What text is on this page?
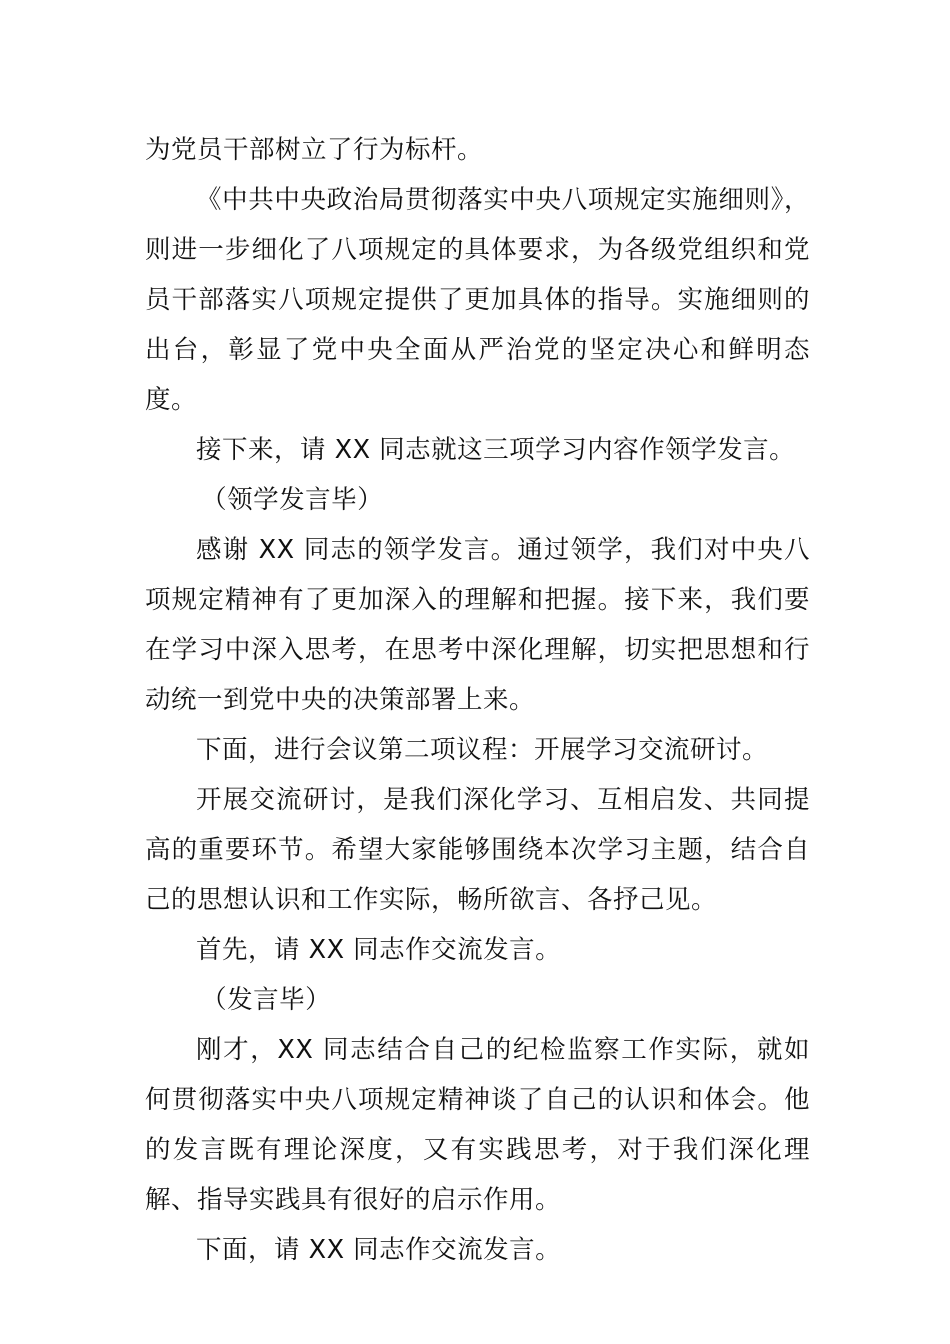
为党员干部树立了行为标杆。

《中共中央政治局贯彻落实中央八项规定实施细则》，则进一步细化了八项规定的具体要求，为各级党组织和党员干部落实八项规定提供了更加具体的指导。实施细则的出台，彰显了党中央全面从严治党的坚定决心和鲜明态度。

接下来，请 XX 同志就这三项学习内容作领学发言。

（领学发言毕）

感谢 XX 同志的领学发言。通过领学，我们对中央八项规定精神有了更加深入的理解和把握。接下来，我们要在学习中深入思考，在思考中深化理解，切实把思想和行动统一到党中央的决策部署上来。

下面，进行会议第二项议程：开展学习交流研讨。

开展交流研讨，是我们深化学习、互相启发、共同提高的重要环节。希望大家能够围绕本次学习主题，结合自己的思想认识和工作实际，畅所欲言、各抒己见。

首先，请 XX 同志作交流发言。

（发言毕）

刚才，XX 同志结合自己的纪检监察工作实际，就如何贯彻落实中央八项规定精神谈了自己的认识和体会。他的发言既有理论深度，又有实践思考，对于我们深化理解、指导实践具有很好的启示作用。

下面，请 XX 同志作交流发言。
